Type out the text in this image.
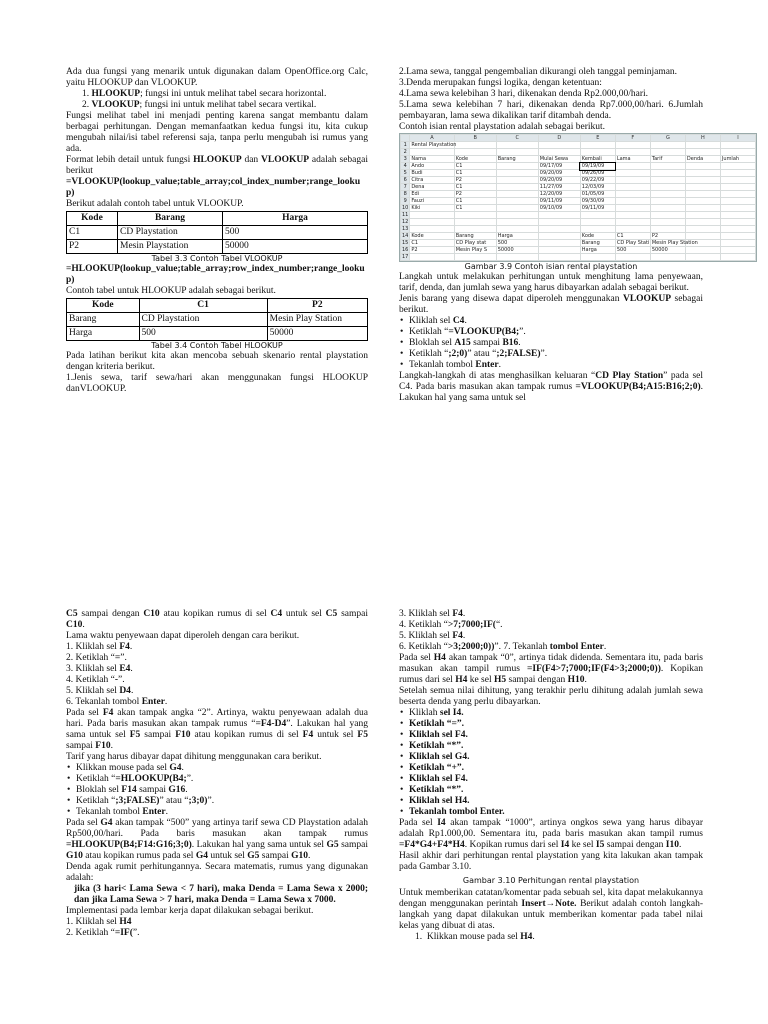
Ada dua fungsi yang menarik untuk digunakan dalam OpenOffice.org Calc, yaitu HLOOKUP dan VLOOKUP.

1. HLOOKUP; fungsi ini untuk melihat tabel secara horizontal.

2. VLOOKUP; fungsi ini untuk melihat tabel secara vertikal.

Fungsi melihat tabel ini menjadi penting karena sangat membantu dalam berbagai perhitungan. Dengan memanfaatkan kedua fungsi itu, kita cukup mengubah nilai/isi tabel referensi saja, tanpa perlu mengubah isi rumus yang ada.

Format lebih detail untuk fungsi HLOOKUP dan VLOOKUP adalah sebagai berikut

=VLOOKUP(lookup_value;table_array;col_index_number;range_lookup)

Berikut adalah contoh tabel untuk VLOOKUP.

Kode	Barang	Harga
C1	CD Playstation	500
P2	Mesin Playstation	50000

Tabel 3.3 Contoh Tabel VLOOKUP

=HLOOKUP(lookup_value;table_array;row_index_number;range_lookup)

Contoh tabel untuk HLOOKUP adalah sebagai berikut.

Kode	C1	P2
Barang	CD Playstation	Mesin Play Station
Harga	500	50000

Tabel 3.4 Contoh Tabel HLOOKUP

Pada latihan berikut kita akan mencoba sebuah skenario rental playstation dengan kriteria berikut.

1.Jenis sewa, tarif sewa/hari akan menggunakan fungsi HLOOKUP danVLOOKUP.

2.Lama sewa, tanggal pengembalian dikurangi oleh tanggal peminjaman.

3.Denda merupakan fungsi logika, dengan ketentuan:

4.Lama sewa kelebihan 3 hari, dikenakan denda Rp2.000,00/hari.

5.Lama sewa kelebihan 7 hari, dikenakan denda Rp7.000,00/hari. 6.Jumlah pembayaran, lama sewa dikalikan tarif ditambah denda.

Contoh isian rental playstation adalah sebagai berikut.

	A	B	C	D	E	F	G	H	I
1	Rental Playstation								
2									
3	Nama	Kode	Barang	Mulai Sewa	Kembali	Lama	Tarif	Denda	Jumlah
4	Ando	C1		09/17/09	09/19/09				
5	Budi	C1		09/20/09	09/26/09				
6	Citra	P2		09/20/09	09/22/09				
7	Dena	C1		11/27/09	12/03/09				
8	Edi	P2		12/20/09	01/05/09				
9	Fauzi	C1		09/11/09	09/30/09				
10	Kiki	C1		09/10/09	09/11/09				
11									
12									
13									
14	Kode	Barang	Harga		Kode	C1	P2		
15	C1	CD Play stat	500		Barang	CD Play Stati	Mesin Play Station		
16	P2	Mesin Play S	50000		Harga	500	50000		
17									

Gambar 3.9 Contoh isian rental playstation

Langkah untuk melakukan perhitungan untuk menghitung lama penyewaan, tarif, denda, dan jumlah sewa yang harus dibayarkan adalah sebagai berikut.

Jenis barang yang disewa dapat diperoleh menggunakan VLOOKUP sebagai berikut.

• Kliklah sel C4.
• Ketiklah “=VLOOKUP(B4;”.
• Bloklah sel A15 sampai B16.
• Ketiklah “;2;0)” atau “;2;FALSE)”.
• Tekanlah tombol Enter.

Langkah-langkah di atas menghasilkan keluaran “CD Play Station” pada sel C4. Pada baris masukan akan tampak rumus =VLOOKUP(B4;A15:B16;2;0). Lakukan hal yang sama untuk sel

C5 sampai dengan C10 atau kopikan rumus di sel C4 untuk sel C5 sampai C10.

Lama waktu penyewaan dapat diperoleh dengan cara berikut.

1. Kliklah sel F4.

2. Ketiklah “=”.

3. Kliklah sel E4.

4. Ketiklah “-”.

5. Kliklah sel D4.

6. Tekanlah tombol Enter.

Pada sel F4 akan tampak angka “2”. Artinya, waktu penyewaan adalah dua hari. Pada baris masukan akan tampak rumus “=F4-D4”. Lakukan hal yang sama untuk sel F5 sampai F10 atau kopikan rumus di sel F4 untuk sel F5 sampai F10.

Tarif yang harus dibayar dapat dihitung menggunakan cara berikut.

• Klikkan mouse pada sel G4.
• Ketiklah “=HLOOKUP(B4;”.
• Bloklah sel F14 sampai G16.
• Ketiklah “;3;FALSE)” atau “;3;0)”.
• Tekanlah tombol Enter.

Pada sel G4 akan tampak “500” yang artinya tarif sewa CD Playstation adalah Rp500,00/hari. Pada baris masukan akan tampak rumus =HLOOKUP(B4;F14:G16;3;0). Lakukan hal yang sama untuk sel G5 sampai G10 atau kopikan rumus pada sel G4 untuk sel G5 sampai G10.

Denda agak rumit perhitungannya. Secara matematis, rumus yang digunakan adalah:

jika (3 hari< Lama Sewa < 7 hari), maka Denda = Lama Sewa x 2000; dan jika Lama Sewa > 7 hari, maka Denda = Lama Sewa x 7000.

Implementasi pada lembar kerja dapat dilakukan sebagai berikut.

1. Kliklah sel H4

2. Ketiklah “=IF(”.

3. Kliklah sel F4.

4. Ketiklah “>7;7000;IF(“.

5. Kliklah sel F4.

6. Ketiklah “>3;2000;0))”. 7. Tekanlah tombol Enter.

Pada sel H4 akan tampak “0”, artinya tidak didenda. Sementara itu, pada baris masukan akan tampil rumus =IF(F4>7;7000;IF(F4>3;2000;0)). Kopikan rumus dari sel H4 ke sel H5 sampai dengan H10.

Setelah semua nilai dihitung, yang terakhir perlu dihitung adalah jumlah sewa beserta denda yang perlu dibayarkan.

• Kliklah sel I4.
• Ketiklah “=”.
• Kliklah sel F4.
• Ketiklah “*”.
• Kliklah sel G4.
• Ketiklah “+”.
• Kliklah sel F4.
• Ketiklah “*”.
• Kliklah sel H4.
• Tekanlah tombol Enter.

Pada sel I4 akan tampak “1000”, artinya ongkos sewa yang harus dibayar adalah Rp1.000,00. Sementara itu, pada baris masukan akan tampil rumus =F4*G4+F4*H4. Kopikan rumus dari sel I4 ke sel I5 sampai dengan I10.

Hasil akhir dari perhitungan rental playstation yang kita lakukan akan tampak pada Gambar 3.10.

Gambar 3.10 Perhitungan rental playstation

Untuk memberikan catatan/komentar pada sebuah sel, kita dapat melakukannya dengan menggunakan perintah Insert→Note. Berikut adalah contoh langkah-langkah yang dapat dilakukan untuk memberikan komentar pada tabel nilai kelas yang dibuat di atas.

1. Klikkan mouse pada sel H4.
